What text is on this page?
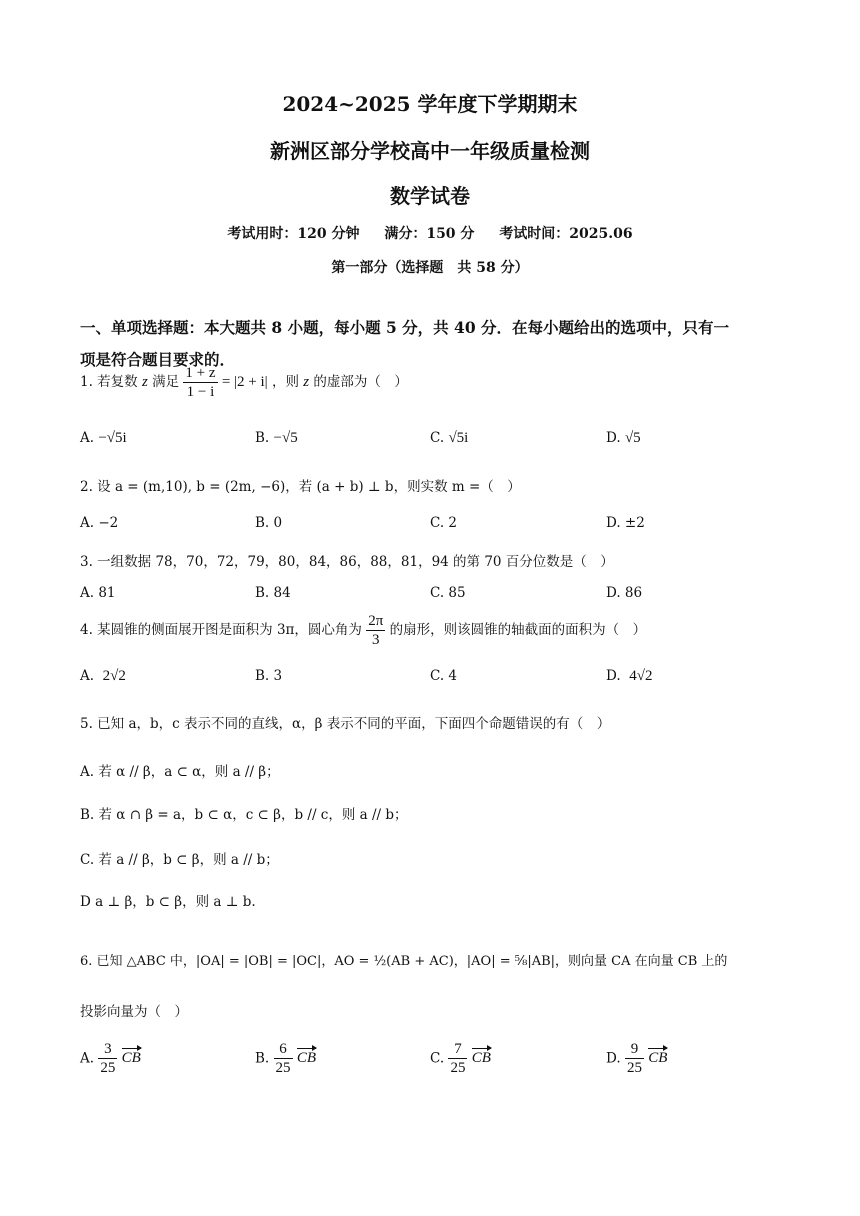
2024~2025 学年度下学期期末
新洲区部分学校高中一年级质量检测
数学试卷
考试用时：120 分钟 满分：150 分 考试时间：2025.06
第一部分（选择题　共 58 分）
一、单项选择题：本大题共 8 小题，每小题 5 分，共 40 分．在每小题给出的选项中，只有一
项是符合题目要求的．
1. 若复数 z 满足 $\frac{1 + z}{1 - i} = |2 + i|$ ，则 z 的虚部为（　）
A. −√5i	B. −√5	C. √5i	D. √5
2. 设 a = (m,10), b = (2m, −6)，若 (a + b) ⊥ b，则实数 m =（　）
A. −2	B. 0	C. 2	D. ±2
3. 一组数据 78，70，72，79，80，84，86，88，81，94 的第 70 百分位数是（　）
A. 81	B. 84	C. 85	D. 86
4. 某圆锥的侧面展开图是面积为 3π，圆心角为 $\frac{2\pi}{3}$ 的扇形，则该圆锥的轴截面的面积为（　）
A. 2√2	B. 3	C. 4	D. 4√2
5. 已知 a，b，c 表示不同的直线，α，β 表示不同的平面，下面四个命题错误的有（　）
A. 若 α // β，a ⊂ α，则 a // β；
B. 若 α ∩ β = a，b ⊂ α，c ⊂ β，b // c，则 a // b；
C. 若 a // β，b ⊂ β，则 a // b；
D a ⊥ β，b ⊂ β，则 a ⊥ b.
6. 已知 △ABC 中，|OA| = |OB| = |OC|，AO = ½(AB + AC)，|AO| = ⅝|AB|，则向量 CA 在向量 CB 上的
投影向量为（　）
A. $\frac{3}{25}$ CB	B. $\frac{6}{25}$ CB	C. $\frac{7}{25}$ CB	D. $\frac{9}{25}$ CB
